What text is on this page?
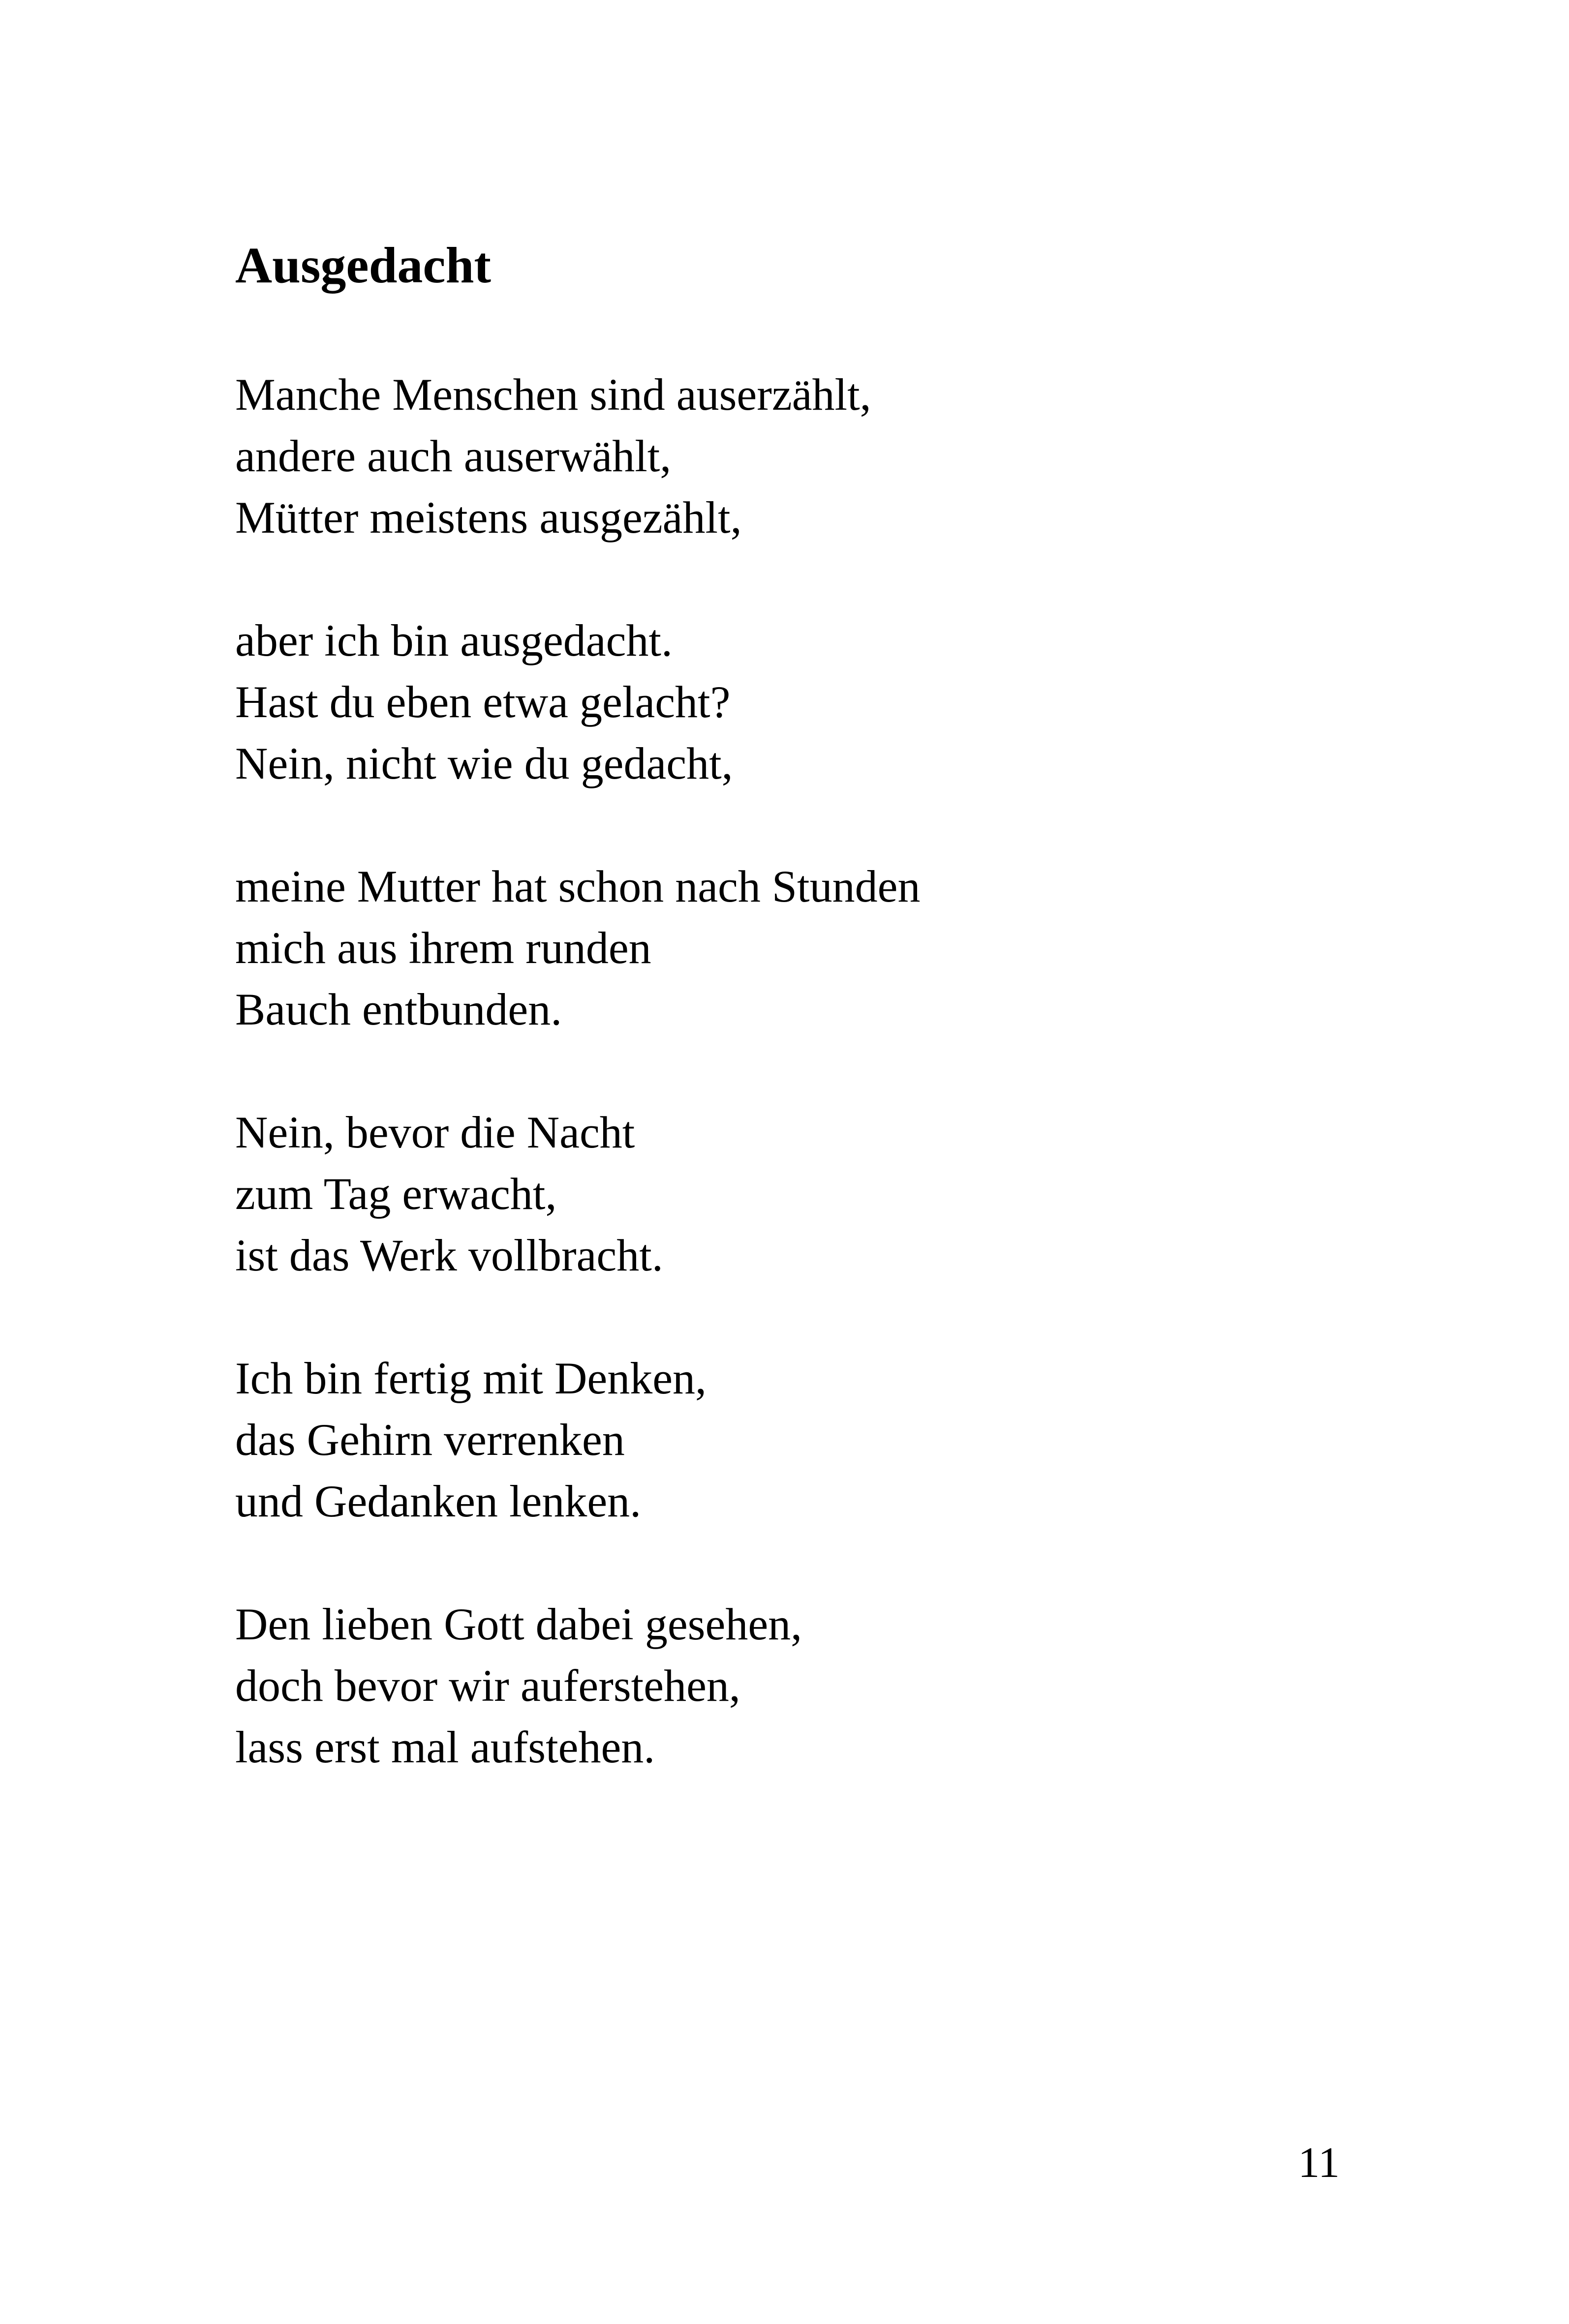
Ausgedacht
Manche Menschen sind auserzählt,
andere auch auserwählt,
Mütter meistens ausgezählt,
aber ich bin ausgedacht.
Hast du eben etwa gelacht?
Nein, nicht wie du gedacht,
meine Mutter hat schon nach Stunden
mich aus ihrem runden
Bauch entbunden.
Nein, bevor die Nacht
zum Tag erwacht,
ist das Werk vollbracht.
Ich bin fertig mit Denken,
das Gehirn verrenken
und Gedanken lenken.
Den lieben Gott dabei gesehen,
doch bevor wir auferstehen,
lass erst mal aufstehen.
11
